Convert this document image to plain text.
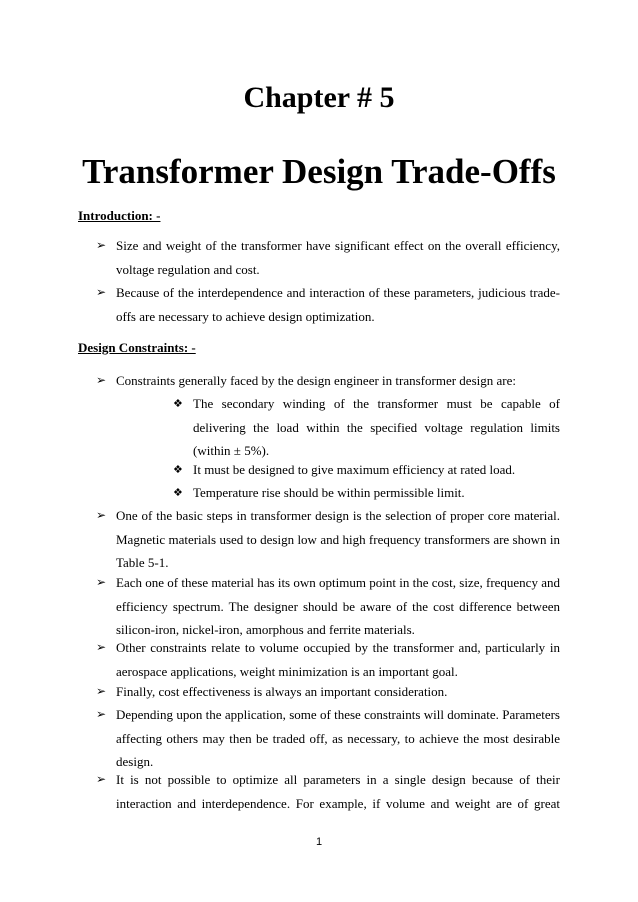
Chapter # 5
Transformer Design Trade-Offs
Introduction: -
➢ Size and weight of the transformer have significant effect on the overall efficiency, voltage regulation and cost.
➢ Because of the interdependence and interaction of these parameters, judicious trade-offs are necessary to achieve design optimization.
Design Constraints: -
➢ Constraints generally faced by the design engineer in transformer design are:
❖ The secondary winding of the transformer must be capable of delivering the load within the specified voltage regulation limits (within ± 5%).
❖ It must be designed to give maximum efficiency at rated load.
❖ Temperature rise should be within permissible limit.
➢ One of the basic steps in transformer design is the selection of proper core material. Magnetic materials used to design low and high frequency transformers are shown in Table 5-1.
➢ Each one of these material has its own optimum point in the cost, size, frequency and efficiency spectrum. The designer should be aware of the cost difference between silicon-iron, nickel-iron, amorphous and ferrite materials.
➢ Other constraints relate to volume occupied by the transformer and, particularly in aerospace applications, weight minimization is an important goal.
➢ Finally, cost effectiveness is always an important consideration.
➢ Depending upon the application, some of these constraints will dominate. Parameters affecting others may then be traded off, as necessary, to achieve the most desirable design.
➢ It is not possible to optimize all parameters in a single design because of their interaction and interdependence. For example, if volume and weight are of great
1
